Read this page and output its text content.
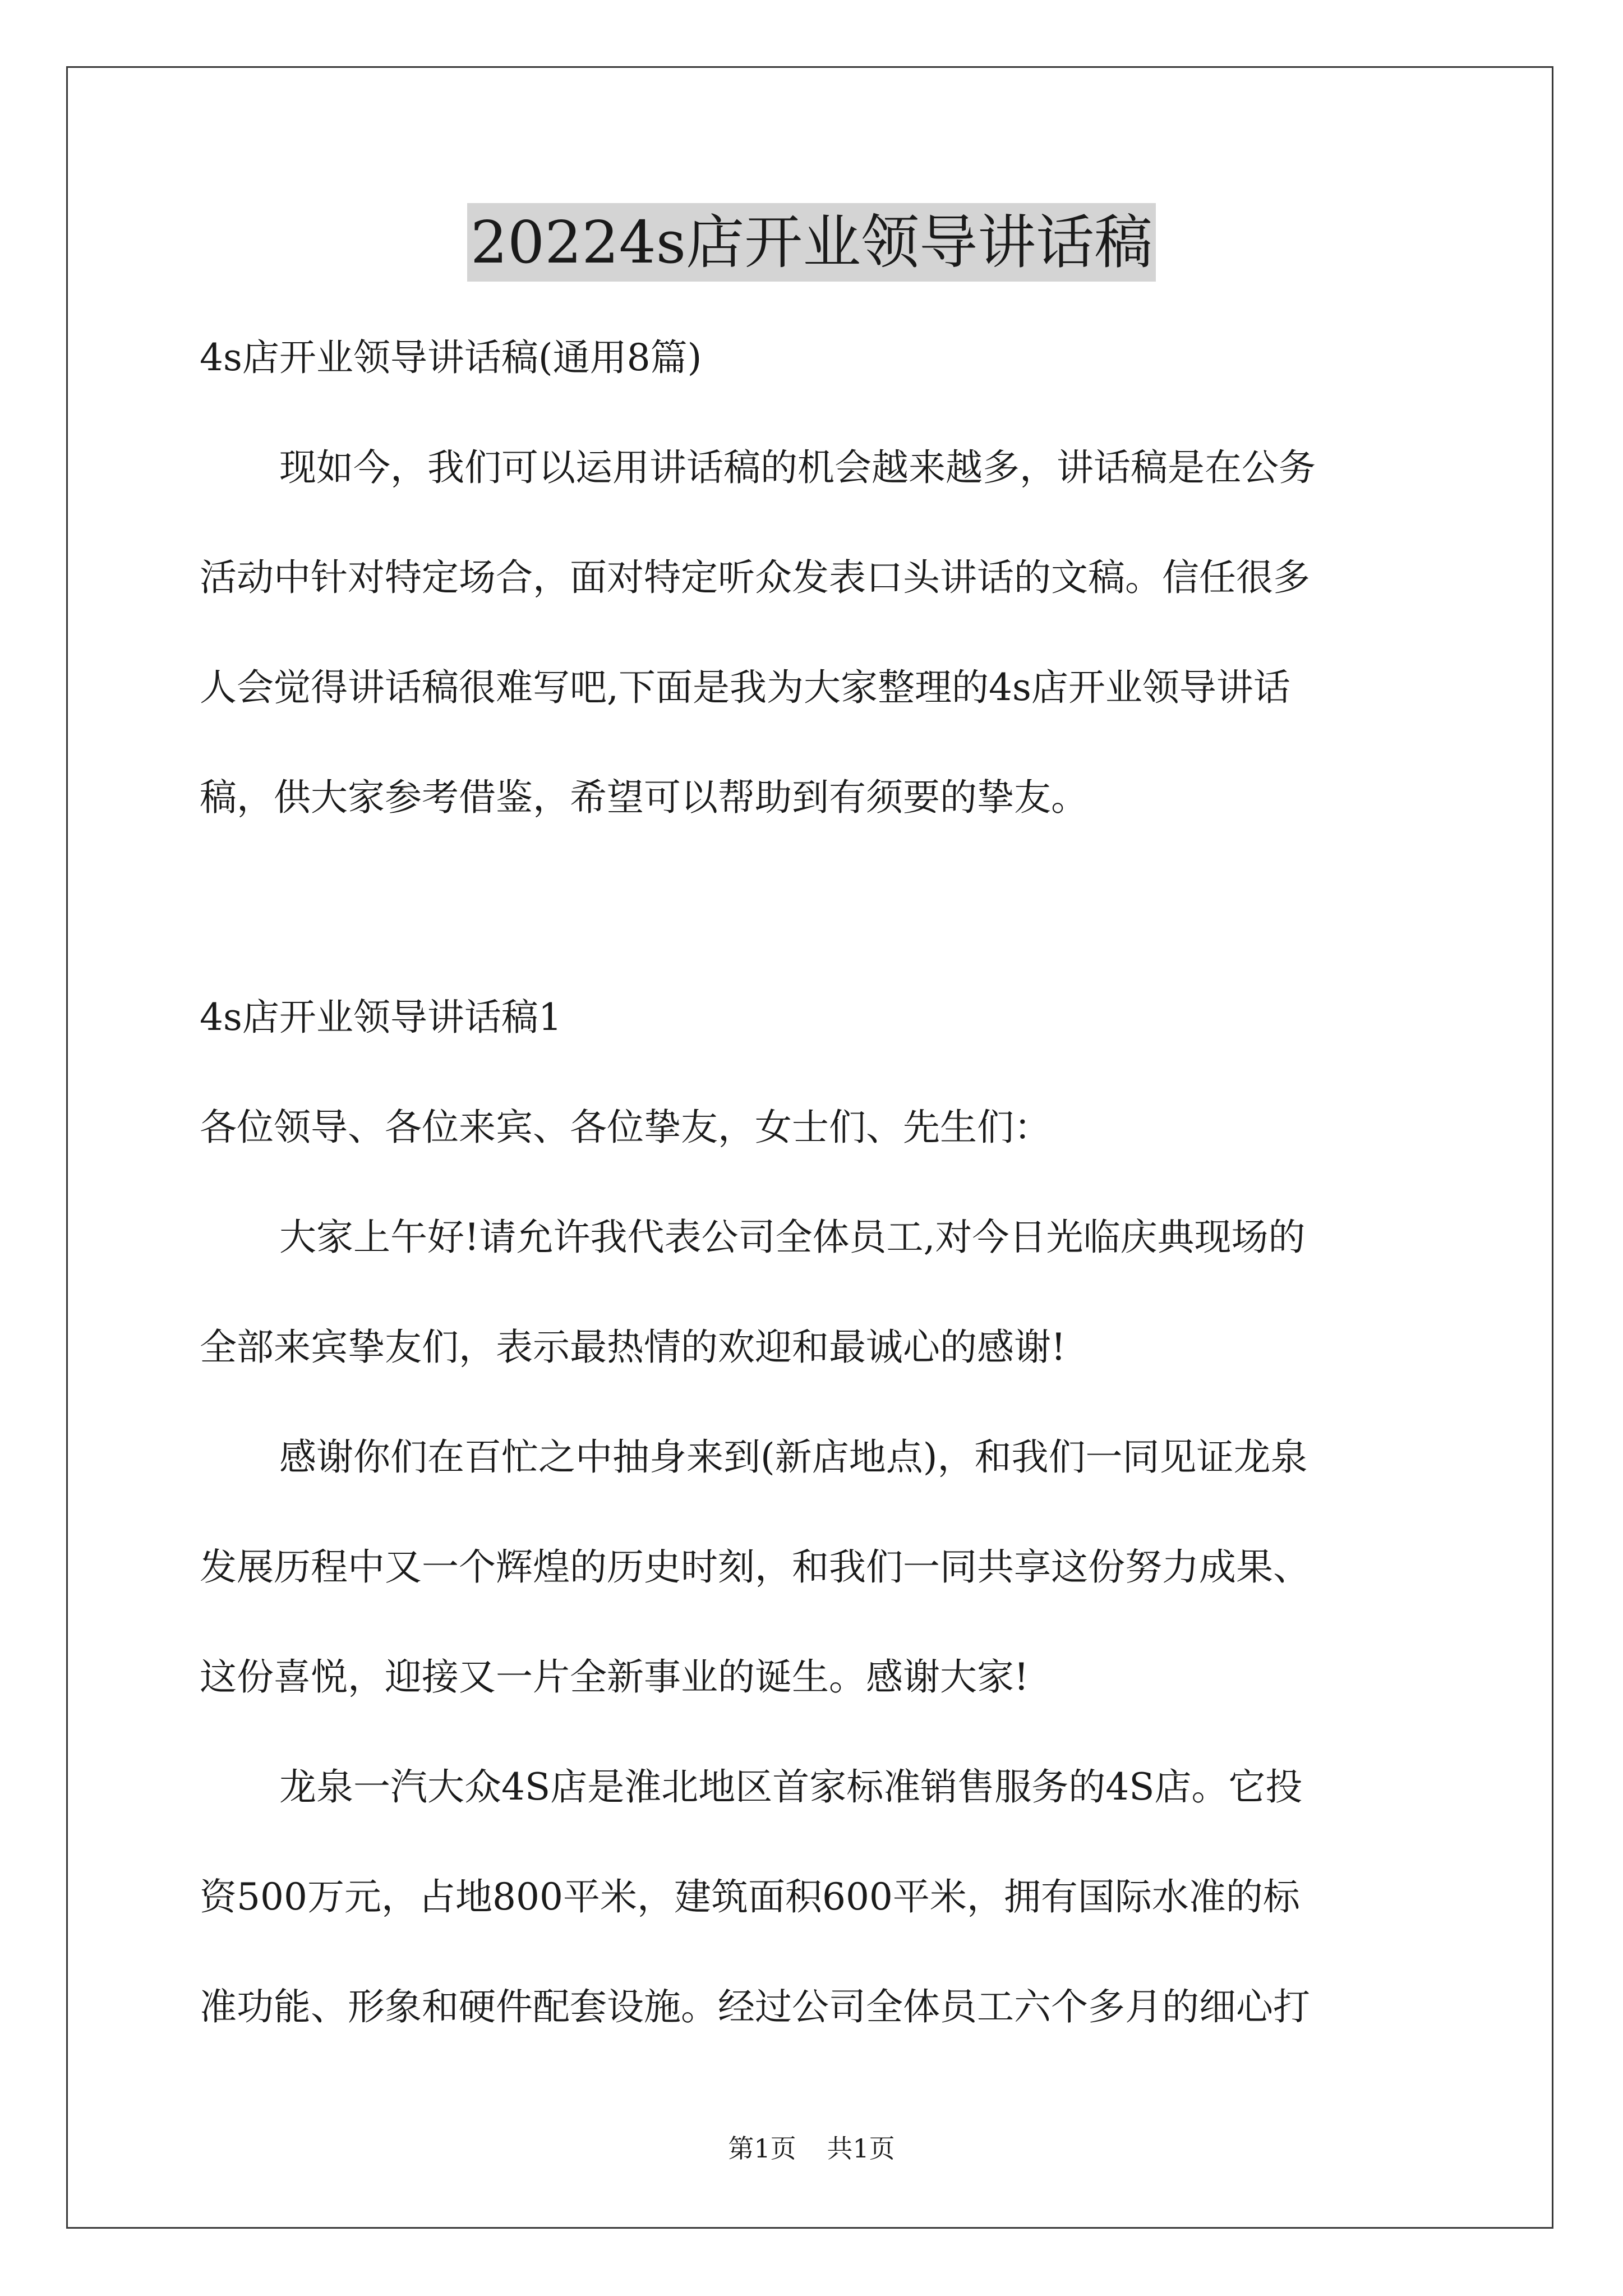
20224s店开业领导讲话稿
4s店开业领导讲话稿(通用8篇)
现如今，我们可以运用讲话稿的机会越来越多，讲话稿是在公务
活动中针对特定场合，面对特定听众发表口头讲话的文稿。信任很多
人会觉得讲话稿很难写吧,下面是我为大家整理的4s店开业领导讲话
稿，供大家参考借鉴，希望可以帮助到有须要的挚友。
4s店开业领导讲话稿1
各位领导、各位来宾、各位挚友，女士们、先生们：
大家上午好!请允许我代表公司全体员工,对今日光临庆典现场的
全部来宾挚友们，表示最热情的欢迎和最诚心的感谢!
感谢你们在百忙之中抽身来到(新店地点)，和我们一同见证龙泉
发展历程中又一个辉煌的历史时刻，和我们一同共享这份努力成果、
这份喜悦，迎接又一片全新事业的诞生。感谢大家!
龙泉一汽大众4S店是淮北地区首家标准销售服务的4S店。它投
资500万元，占地800平米，建筑面积600平米，拥有国际水准的标
准功能、形象和硬件配套设施。经过公司全体员工六个多月的细心打
第1页 共1页
